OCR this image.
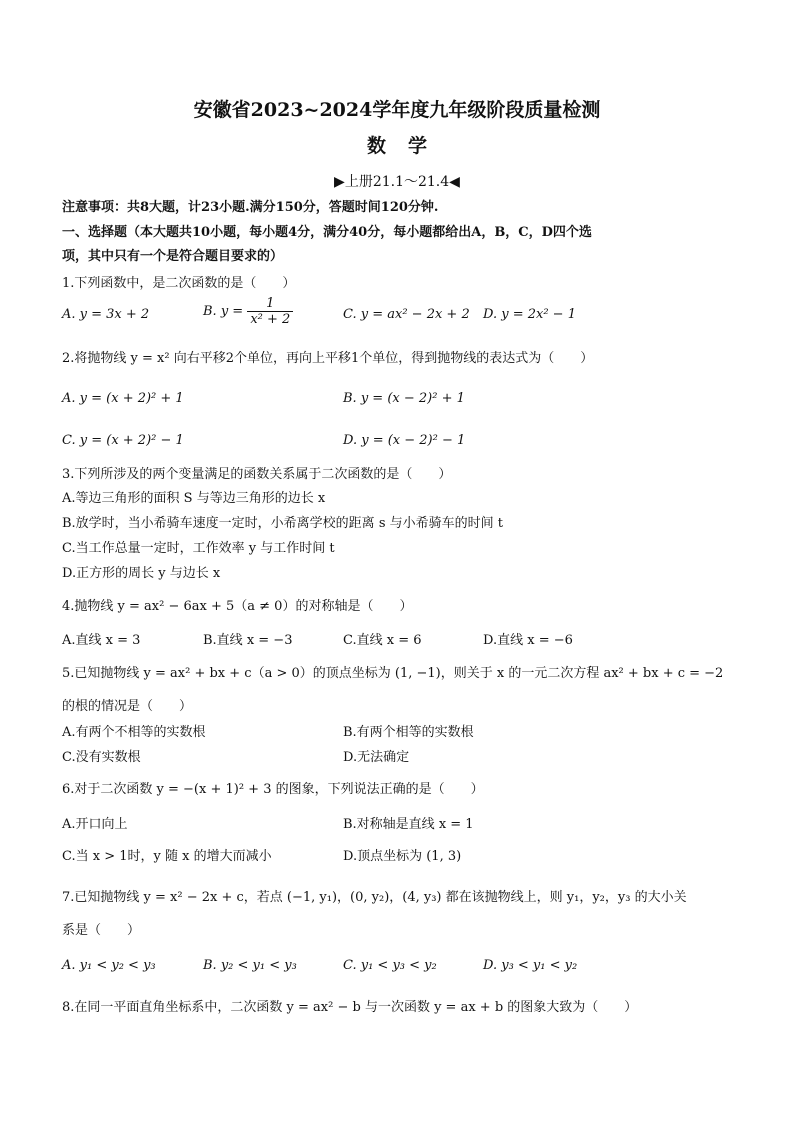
安徽省2023~2024学年度九年级阶段质量检测
数学
▶上册21.1～21.4◀
注意事项：共8大题，计23小题.满分150分，答题时间120分钟.
一、选择题（本大题共10小题，每小题4分，满分40分，每小题都给出A，B，C，D四个选
项，其中只有一个是符合题目要求的）
1.下列函数中，是二次函数的是（　　）
A. y = 3x + 2	B. $y = \frac{1}{\text{x² + 2}}$	C. y = ax² − 2x + 2 D. y = 2x² − 1
2.将抛物线 y = x² 向右平移2个单位，再向上平移1个单位，得到抛物线的表达式为（　　）
A. y = (x + 2)² + 1	B. y = (x − 2)² + 1
C. y = (x + 2)² − 1	D. y = (x − 2)² − 1
3.下列所涉及的两个变量满足的函数关系属于二次函数的是（　　）
A.等边三角形的面积 S 与等边三角形的边长 x
B.放学时，当小希骑车速度一定时，小希离学校的距离 s 与小希骑车的时间 t
C.当工作总量一定时，工作效率 y 与工作时间 t
D.正方形的周长 y 与边长 x
4.抛物线 y = ax² − 6ax + 5（a ≠ 0）的对称轴是（　　）
A.直线 x = 3	B.直线 x = −3	C.直线 x = 6	D.直线 x = −6
5.已知抛物线 y = ax² + bx + c（a > 0）的顶点坐标为 (1, −1)，则关于 x 的一元二次方程 ax² + bx + c = −2
的根的情况是（　　）
A.有两个不相等的实数根	B.有两个相等的实数根
C.没有实数根	D.无法确定
6.对于二次函数 y = −(x + 1)² + 3 的图象，下列说法正确的是（　　）
A.开口向上	B.对称轴是直线 x = 1
C.当 x > 1时，y 随 x 的增大而减小	D.顶点坐标为 (1, 3)
7.已知抛物线 y = x² − 2x + c，若点 (−1, y₁)，(0, y₂)，(4, y₃) 都在该抛物线上，则 y₁，y₂，y₃ 的大小关
系是（　　）
A. y₁ < y₂ < y₃	B. y₂ < y₁ < y₃	C. y₁ < y₃ < y₂	D. y₃ < y₁ < y₂
8.在同一平面直角坐标系中，二次函数 y = ax² − b 与一次函数 y = ax + b 的图象大致为（　　）
